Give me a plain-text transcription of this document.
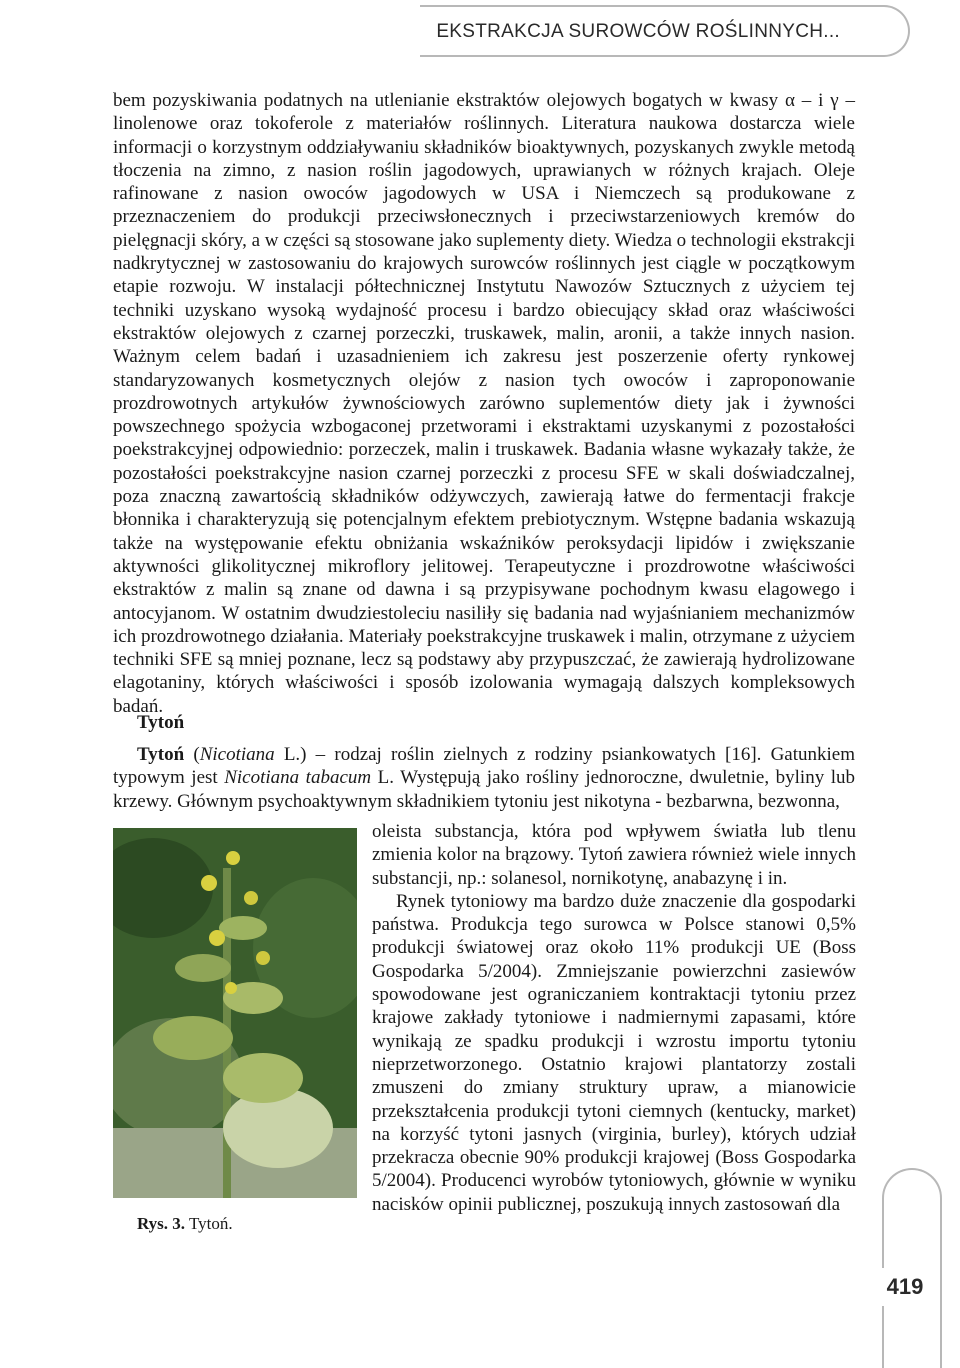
EKSTRAKCJA SUROWCÓW ROŚLINNYCH...
bem pozyskiwania podatnych na utlenianie ekstraktów olejowych bogatych w kwasy α – i γ – linolenowe oraz tokoferole z materiałów roślinnych. Literatura naukowa dostarcza wiele informacji o korzystnym oddziaływaniu składników bioaktywnych, pozyskanych zwykle metodą tłoczenia na zimno, z nasion roślin jagodowych, uprawianych w różnych krajach. Oleje rafinowane z nasion owoców jagodowych w USA i Niemczech są produkowane z przeznaczeniem do produkcji przeciwsłonecznych i przeciwstarzeniowych kremów do pielęgnacji skóry, a w części są stosowane jako suplementy diety. Wiedza o technologii ekstrakcji nadkrytycznej w zastosowaniu do krajowych surowców roślinnych jest ciągle w początkowym etapie rozwoju. W instalacji półtechnicznej Instytutu Nawozów Sztucznych z użyciem tej techniki uzyskano wysoką wydajność procesu i bardzo obiecujący skład oraz właściwości ekstraktów olejowych z czarnej porzeczki, truskawek, malin, aronii, a także innych nasion. Ważnym celem badań i uzasadnieniem ich zakresu jest poszerzenie oferty rynkowej standaryzowanych kosmetycznych olejów z nasion tych owoców i zaproponowanie prozdrowotnych artykułów żywnościowych zarówno suplementów diety jak i żywności powszechnego spożycia wzbogaconej przetworami i ekstraktami uzyskanymi z pozostałości poekstrakcyjnej odpowiednio: porzeczek, malin i truskawek. Badania własne wykazały także, że pozostałości poekstrakcyjne nasion czarnej porzeczki z procesu SFE w skali doświadczalnej, poza znaczną zawartością składników odżywczych, zawierają łatwe do fermentacji frakcje błonnika i charakteryzują się potencjalnym efektem prebiotycznym. Wstępne badania wskazują także na występowanie efektu obniżania wskaźników peroksydacji lipidów i zwiększanie aktywności glikolitycznej mikroflory jelitowej. Terapeutyczne i prozdrowotne właściwości ekstraktów z malin są znane od dawna i są przypisywane pochodnym kwasu elagowego i antocyjanom. W ostatnim dwudziestoleciu nasiliły się badania nad wyjaśnianiem mechanizmów ich prozdrowotnego działania. Materiały poekstrakcyjne truskawek i malin, otrzymane z użyciem techniki SFE są mniej poznane, lecz są podstawy aby przypuszczać, że zawierają hydrolizowane elagotaniny, których właściwości i sposób izolowania wymagają dalszych kompleksowych badań.
Tytoń
Tytoń (Nicotiana L.) – rodzaj roślin zielnych z rodziny psiankowatych [16]. Gatunkiem typowym jest Nicotiana tabacum L. Występują jako rośliny jednoroczne, dwuletnie, byliny lub krzewy. Głównym psychoaktywnym składnikiem tytoniu jest nikotyna - bezbarwna, bezwonna,
Rys. 3. Tytoń.

oleista substancja, która pod wpływem światła lub tlenu zmienia kolor na brązowy. Tytoń zawiera również wiele innych substancji, np.: solanesol, nornikotynę, anabazynę i in.

Rynek tytoniowy ma bardzo duże znaczenie dla gospodarki państwa. Produkcja tego surowca w Polsce stanowi 0,5% produkcji światowej oraz około 11% produkcji UE (Boss Gospodarka 5/2004). Zmniejszanie powierzchni zasiewów spowodowane jest ograniczaniem kontraktacji tytoniu przez krajowe zakłady tytoniowe i nadmiernymi zapasami, które wynikają ze spadku produkcji i wzrostu importu tytoniu nieprzetworzonego. Ostatnio krajowi plantatorzy zostali zmuszeni do zmiany struktury upraw, a mianowicie przekształcenia produkcji tytoni ciemnych (kentucky, market) na korzyść tytoni jasnych (virginia, burley), których udział przekracza obecnie 90% produkcji krajowej (Boss Gospodarka 5/2004). Producenci wyrobów tytoniowych, głównie w wyniku nacisków opinii publicznej, poszukują innych zastosowań dla

419
